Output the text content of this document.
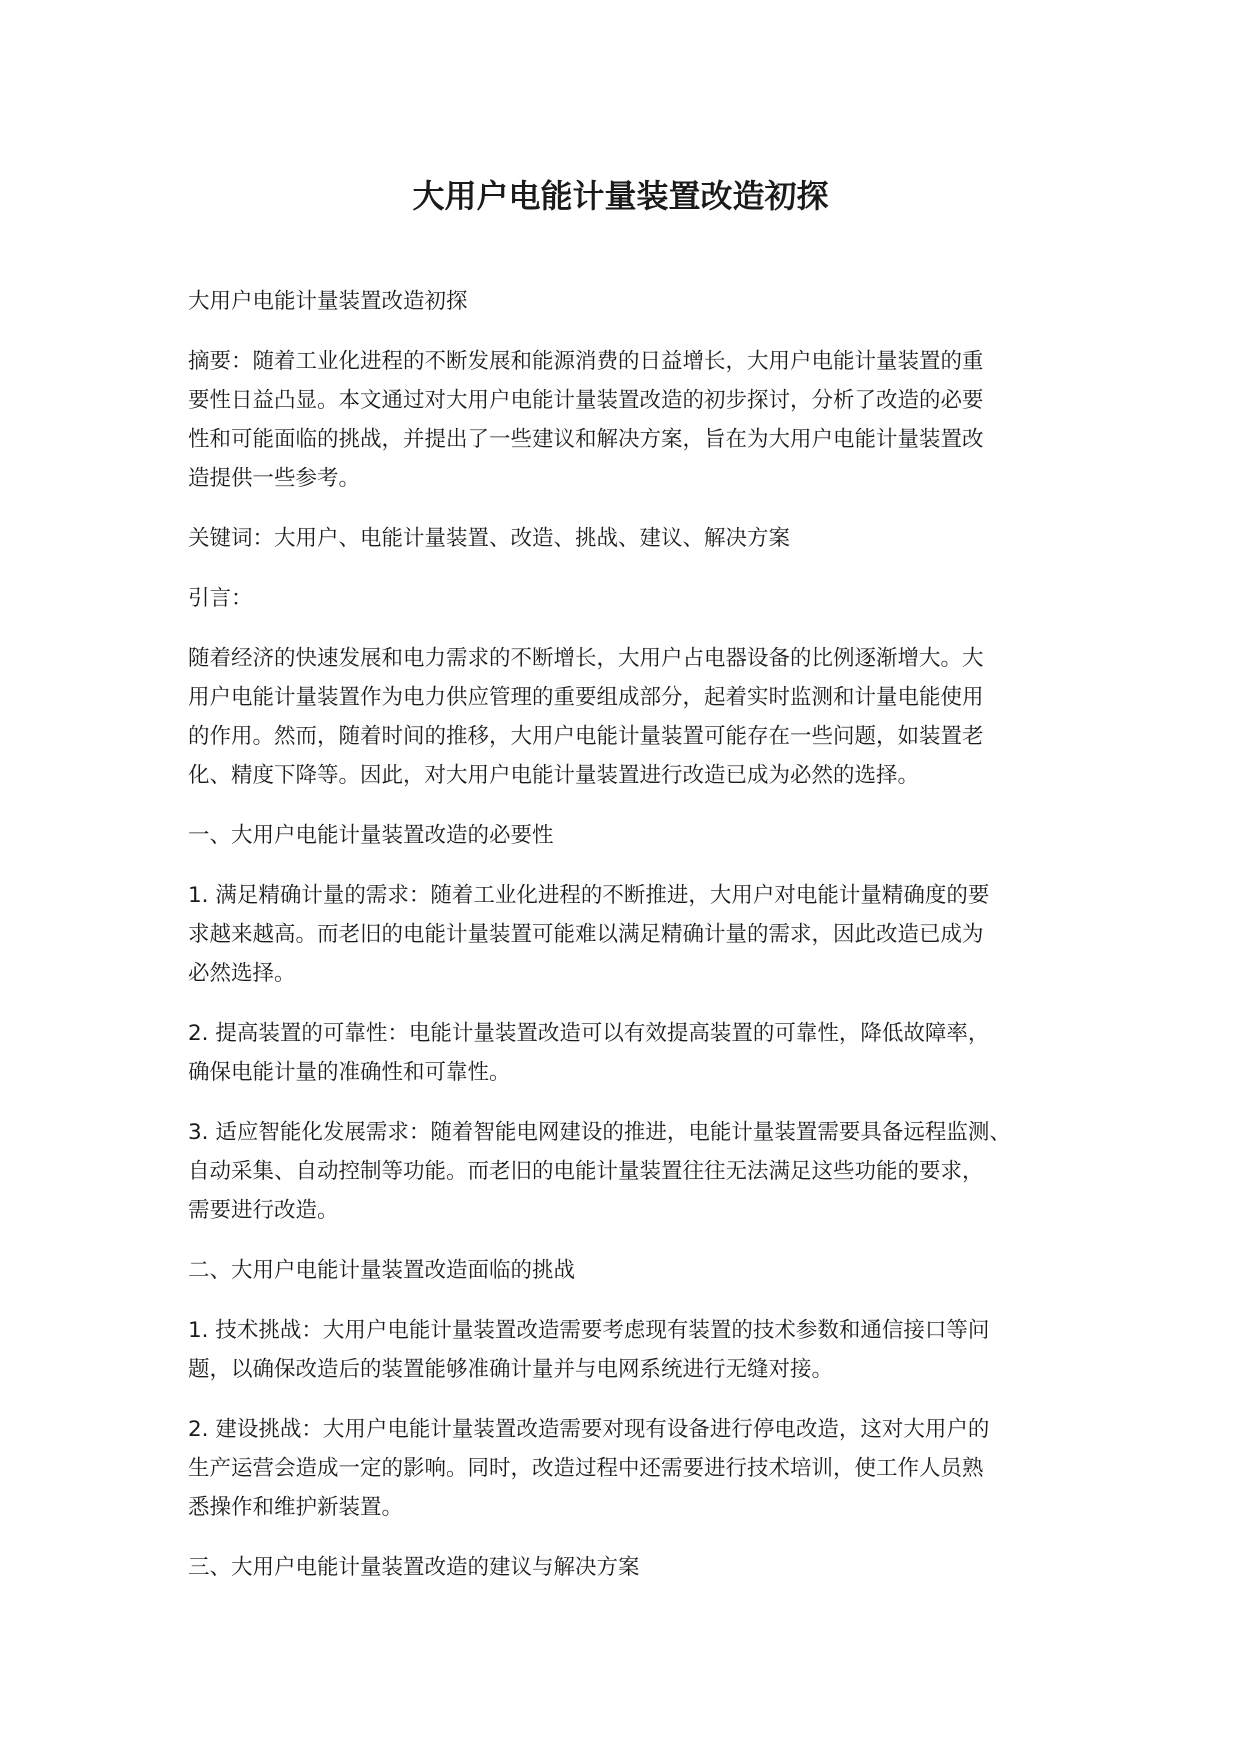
大用户电能计量装置改造初探

大用户电能计量装置改造初探

摘要：随着工业化进程的不断发展和能源消费的日益增长，大用户电能计量装置的重
要性日益凸显。本文通过对大用户电能计量装置改造的初步探讨，分析了改造的必要
性和可能面临的挑战，并提出了一些建议和解决方案，旨在为大用户电能计量装置改
造提供一些参考。

关键词：大用户、电能计量装置、改造、挑战、建议、解决方案

引言：

随着经济的快速发展和电力需求的不断增长，大用户占电器设备的比例逐渐增大。大
用户电能计量装置作为电力供应管理的重要组成部分，起着实时监测和计量电能使用
的作用。然而，随着时间的推移，大用户电能计量装置可能存在一些问题，如装置老
化、精度下降等。因此，对大用户电能计量装置进行改造已成为必然的选择。

一、大用户电能计量装置改造的必要性

1. 满足精确计量的需求：随着工业化进程的不断推进，大用户对电能计量精确度的要
求越来越高。而老旧的电能计量装置可能难以满足精确计量的需求，因此改造已成为
必然选择。

2. 提高装置的可靠性：电能计量装置改造可以有效提高装置的可靠性，降低故障率，
确保电能计量的准确性和可靠性。

3. 适应智能化发展需求：随着智能电网建设的推进，电能计量装置需要具备远程监测、
自动采集、自动控制等功能。而老旧的电能计量装置往往无法满足这些功能的要求，
需要进行改造。

二、大用户电能计量装置改造面临的挑战

1. 技术挑战：大用户电能计量装置改造需要考虑现有装置的技术参数和通信接口等问
题，以确保改造后的装置能够准确计量并与电网系统进行无缝对接。

2. 建设挑战：大用户电能计量装置改造需要对现有设备进行停电改造，这对大用户的
生产运营会造成一定的影响。同时，改造过程中还需要进行技术培训，使工作人员熟
悉操作和维护新装置。

三、大用户电能计量装置改造的建议与解决方案
